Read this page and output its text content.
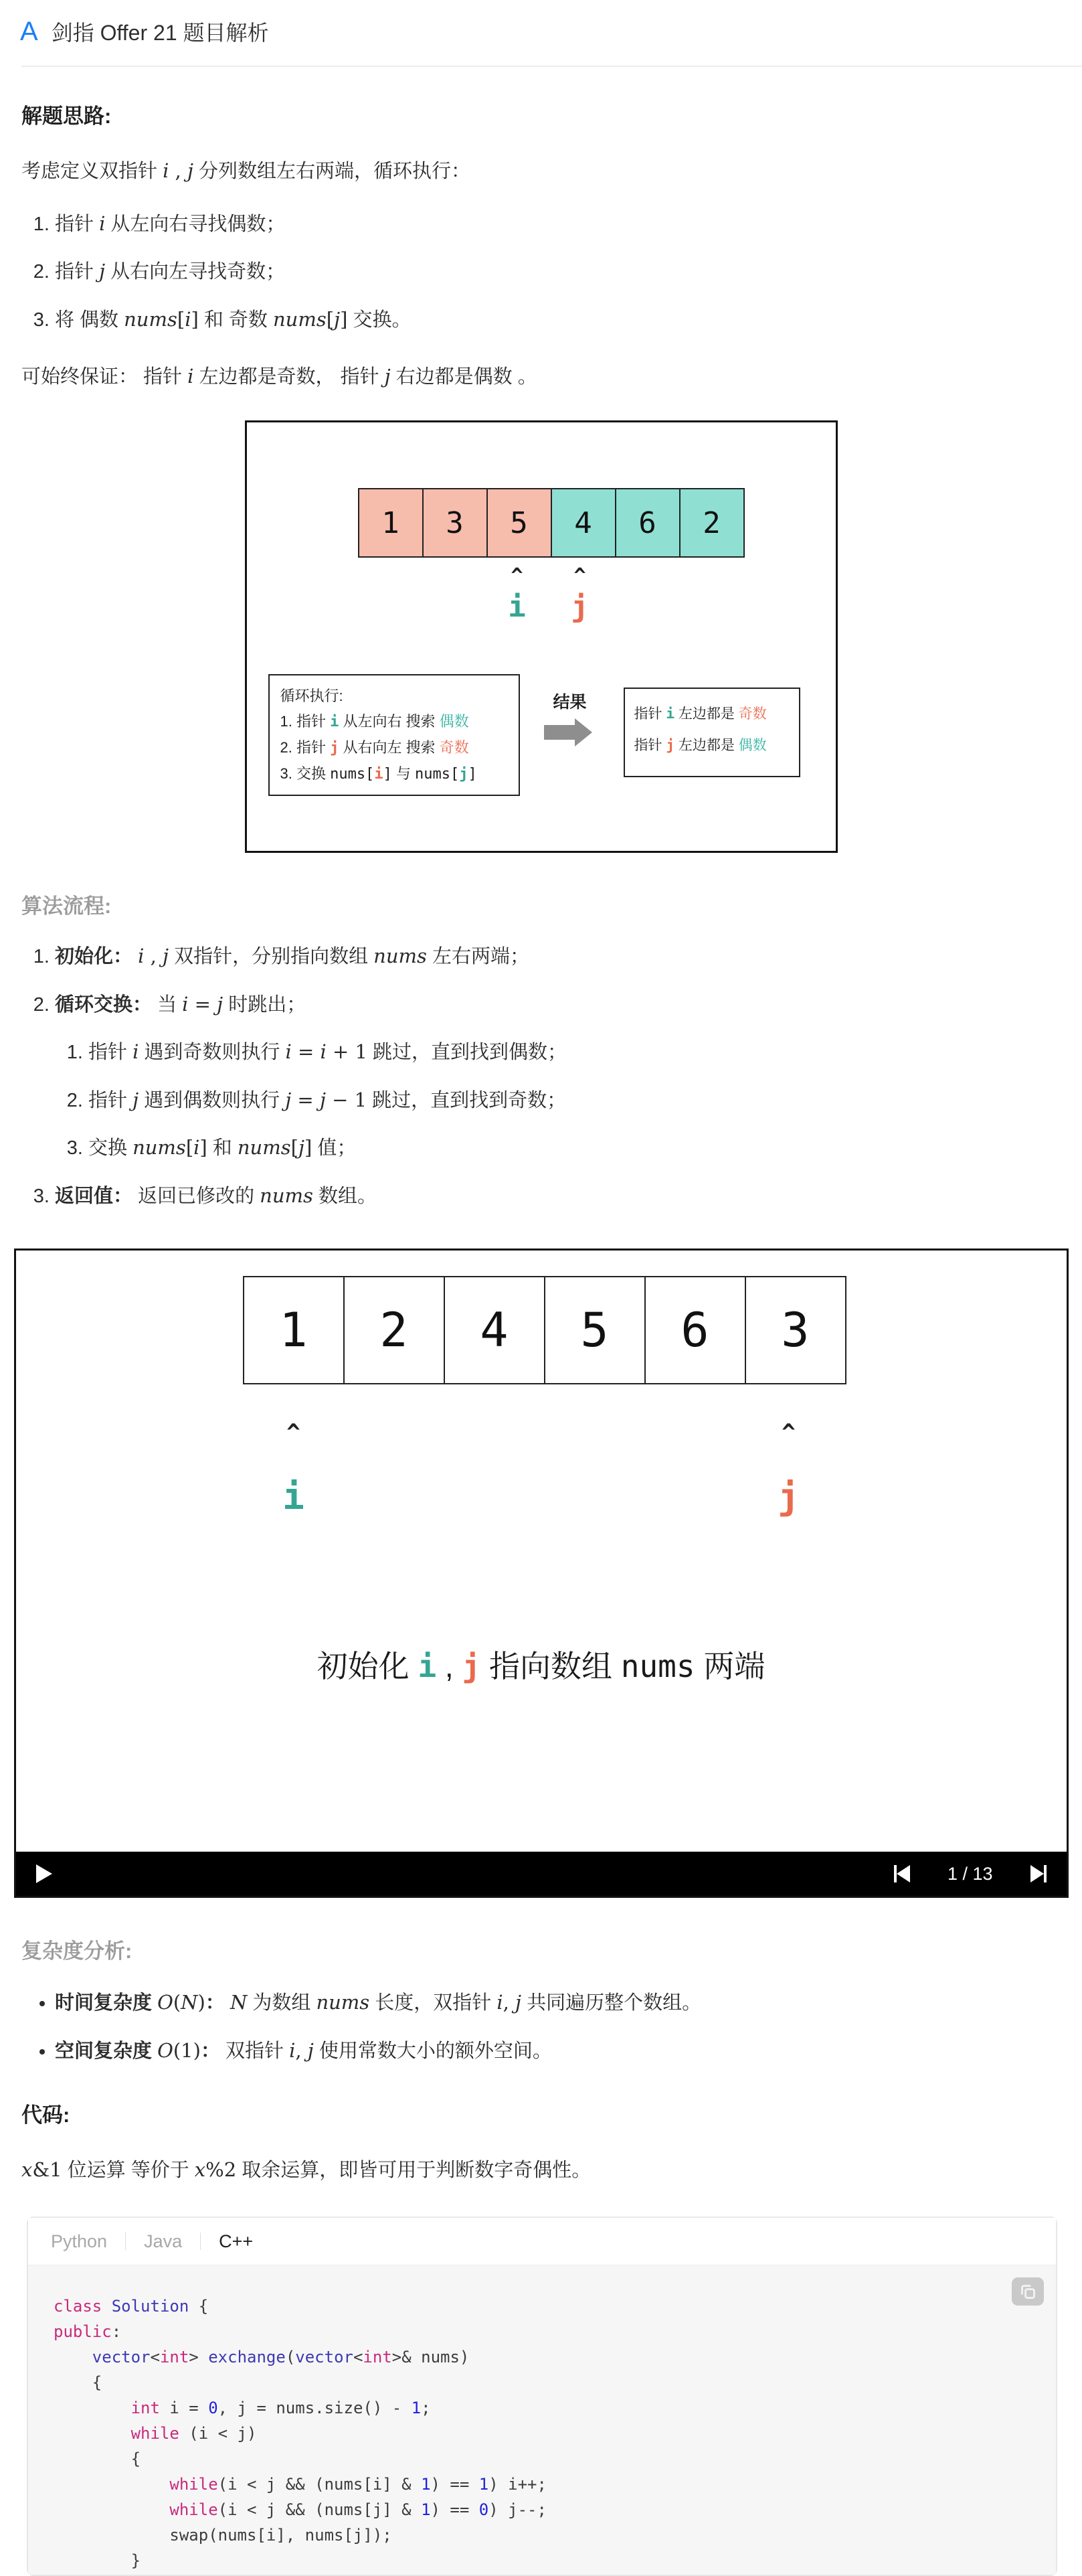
A 剑指 Offer 21 题目解析
解题思路:

考虑定义双指针 i , j 分列数组左右两端，循环执行：

1. 指针 i 从左向右寻找偶数；
2. 指针 j 从右向左寻找奇数；
3. 将 偶数 nums[i] 和 奇数 nums[j] 交换。

可始终保证： 指针 i 左边都是奇数， 指针 j 右边都是偶数 。

1	3	5	4	6	2
^	^
i j
循环执行:
1. 指针 i 从左向右 搜索 偶数
2. 指针 j 从右向左 搜索 奇数
3. 交换 nums[i] 与 nums[j]
结果
指针 i 左边都是 奇数
指针 j 左边都是 偶数
算法流程:
1. 初始化： i , j 双指针，分别指向数组 nums 左右两端；
2. 循环交换： 当 i = j 时跳出；
1. 指针 i 遇到奇数则执行 i = i + 1 跳过，直到找到偶数；
2. 指针 j 遇到偶数则执行 j = j − 1 跳过，直到找到奇数；
3. 交换 nums[i] 和 nums[j] 值；
3. 返回值： 返回已修改的 nums 数组。
1	2	4	5	6	3
^	^
i	j

初始化 i , j 指向数组 nums 两端

1 / 13
复杂度分析:
• 时间复杂度 O(N)： N 为数组 nums 长度，双指针 i, j 共同遍历整个数组。
• 空间复杂度 O(1)： 双指针 i, j 使用常数大小的额外空间。
代码:

x&1 位运算 等价于 x%2 取余运算，即皆可用于判断数字奇偶性。

Python Java C++
class Solution {
public:
vector<int> exchange(vector<int>& nums)
{
int i = 0, j = nums.size() - 1;
while (i < j)
{
while(i < j && (nums[i] & 1) == 1) i++;
while(i < j && (nums[j] & 1) == 0) j--;
swap(nums[i], nums[j]);
}
